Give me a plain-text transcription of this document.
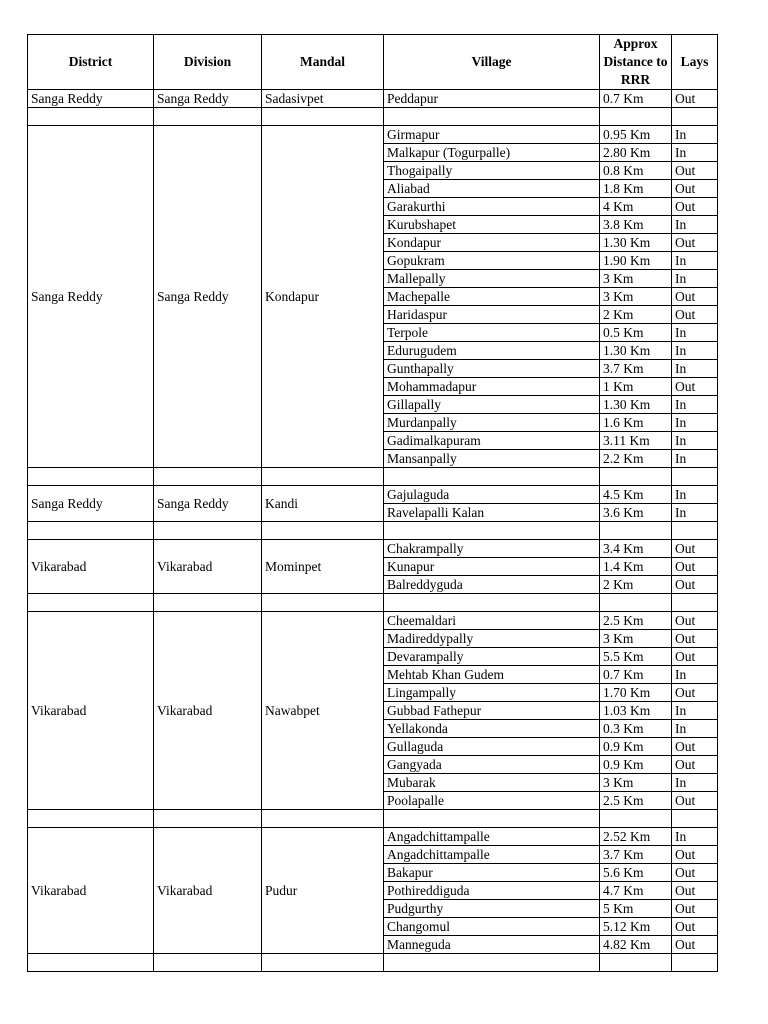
District	Division	Mandal	Village	Approx Distance to RRR	Lays
Sanga Reddy	Sanga Reddy	Sadasivpet	Peddapur	0.7 Km	Out

Sanga Reddy	Sanga Reddy	Kondapur	Girmapur	0.95 Km	In
			Malkapur (Togurpalle)	2.80 Km	In
			Thogaipally	0.8 Km	Out
			Aliabad	1.8 Km	Out
			Garakurthi	4 Km	Out
			Kurubshapet	3.8 Km	In
			Kondapur	1.30 Km	Out
			Gopukram	1.90 Km	In
			Mallepally	3 Km	In
			Machepalle	3 Km	Out
			Haridaspur	2 Km	Out
			Terpole	0.5 Km	In
			Edurugudem	1.30 Km	In
			Gunthapally	3.7 Km	In
			Mohammadapur	1 Km	Out
			Gillapally	1.30 Km	In
			Murdanpally	1.6 Km	In
			Gadimalkapuram	3.11 Km	In
			Mansanpally	2.2 Km	In

Sanga Reddy	Sanga Reddy	Kandi	Gajulaguda	4.5 Km	In
			Ravelapalli Kalan	3.6 Km	In

Vikarabad	Vikarabad	Mominpet	Chakrampally	3.4 Km	Out
			Kunapur	1.4 Km	Out
			Balreddyguda	2 Km	Out

Vikarabad	Vikarabad	Nawabpet	Cheemaldari	2.5 Km	Out
			Madireddypally	3 Km	Out
			Devarampally	5.5 Km	Out
			Mehtab Khan Gudem	0.7 Km	In
			Lingampally	1.70 Km	Out
			Gubbad Fathepur	1.03 Km	In
			Yellakonda	0.3 Km	In
			Gullaguda	0.9 Km	Out
			Gangyada	0.9 Km	Out
			Mubarak	3 Km	In
			Poolapalle	2.5 Km	Out

Vikarabad	Vikarabad	Pudur	Angadchittampalle	2.52 Km	In
			Angadchittampalle	3.7 Km	Out
			Bakapur	5.6 Km	Out
			Pothireddiguda	4.7 Km	Out
			Pudgurthy	5 Km	Out
			Changomul	5.12 Km	Out
			Manneguda	4.82 Km	Out
